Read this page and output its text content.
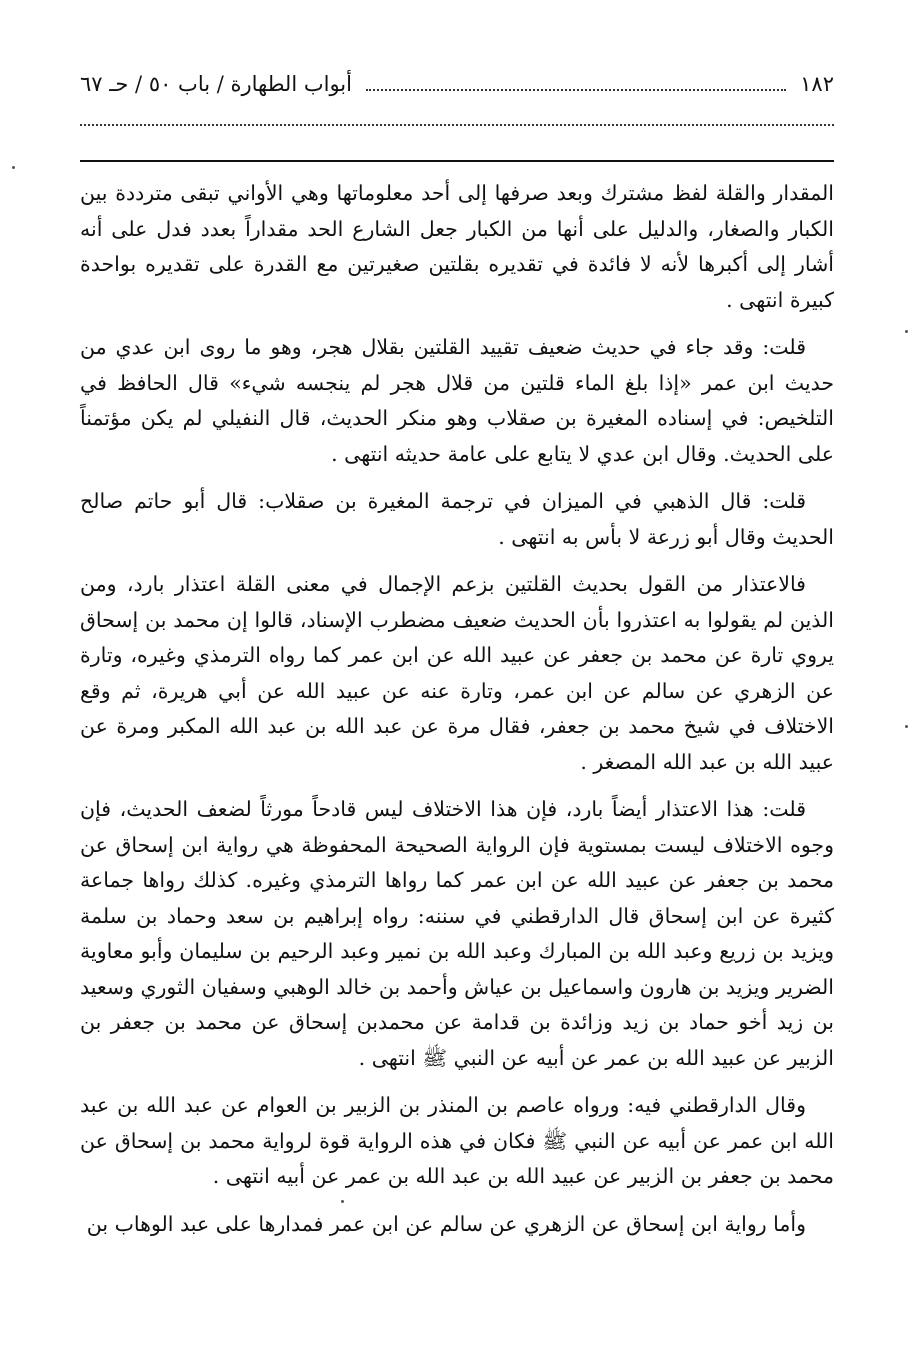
١٨٢
أبواب الطهارة / باب ٥٠ / حـ ٦٧

المقدار والقلة لفظ مشترك وبعد صرفها إلى أحد معلوماتها وهي الأواني تبقى مترددة بين الكبار والصغار، والدليل على أنها من الكبار جعل الشارع الحد مقداراً بعدد فدل على أنه أشار إلى أكبرها لأنه لا فائدة في تقديره بقلتين صغيرتين مع القدرة على تقديره بواحدة كبيرة انتهى .

قلت: وقد جاء في حديث ضعيف تقييد القلتين بقلال هجر، وهو ما روى ابن عدي من حديث ابن عمر «إذا بلغ الماء قلتين من قلال هجر لم ينجسه شيء» قال الحافظ في التلخيص: في إسناده المغيرة بن صقلاب وهو منكر الحديث، قال النفيلي لم يكن مؤتمناً على الحديث. وقال ابن عدي لا يتابع على عامة حديثه انتهى .

قلت: قال الذهبي في الميزان في ترجمة المغيرة بن صقلاب: قال أبو حاتم صالح الحديث وقال أبو زرعة لا بأس به انتهى .

فالاعتذار من القول بحديث القلتين بزعم الإجمال في معنى القلة اعتذار بارد، ومن الذين لم يقولوا به اعتذروا بأن الحديث ضعيف مضطرب الإسناد، قالوا إن محمد بن إسحاق يروي تارة عن محمد بن جعفر عن عبيد الله عن ابن عمر كما رواه الترمذي وغيره، وتارة عن الزهري عن سالم عن ابن عمر، وتارة عنه عن عبيد الله عن أبي هريرة، ثم وقع الاختلاف في شيخ محمد بن جعفر، فقال مرة عن عبد الله بن عبد الله المكبر ومرة عن عبيد الله بن عبد الله المصغر .

قلت: هذا الاعتذار أيضاً بارد، فإن هذا الاختلاف ليس قادحاً مورثاً لضعف الحديث، فإن وجوه الاختلاف ليست بمستوية فإن الرواية الصحيحة المحفوظة هي رواية ابن إسحاق عن محمد بن جعفر عن عبيد الله عن ابن عمر كما رواها الترمذي وغيره. كذلك رواها جماعة كثيرة عن ابن إسحاق قال الدارقطني في سننه: رواه إبراهيم بن سعد وحماد بن سلمة ويزيد بن زريع وعبد الله بن المبارك وعبد الله بن نمير وعبد الرحيم بن سليمان وأبو معاوية الضرير ويزيد بن هارون واسماعيل بن عياش وأحمد بن خالد الوهبي وسفيان الثوري وسعيد بن زيد أخو حماد بن زيد وزائدة بن قدامة عن محمدبن إسحاق عن محمد بن جعفر بن الزبير عن عبيد الله بن عمر عن أبيه عن النبي ﷺ انتهى .

وقال الدارقطني فيه: ورواه عاصم بن المنذر بن الزبير بن العوام عن عبد الله بن عبد الله ابن عمر عن أبيه عن النبي ﷺ فكان في هذه الرواية قوة لرواية محمد بن إسحاق عن محمد بن جعفر بن الزبير عن عبيد الله بن عبد الله بن عمر عن أبيه انتهى .

وأما رواية ابن إسحاق عن الزهري عن سالم عن ابن عمر فمدارها على عبد الوهاب بن
